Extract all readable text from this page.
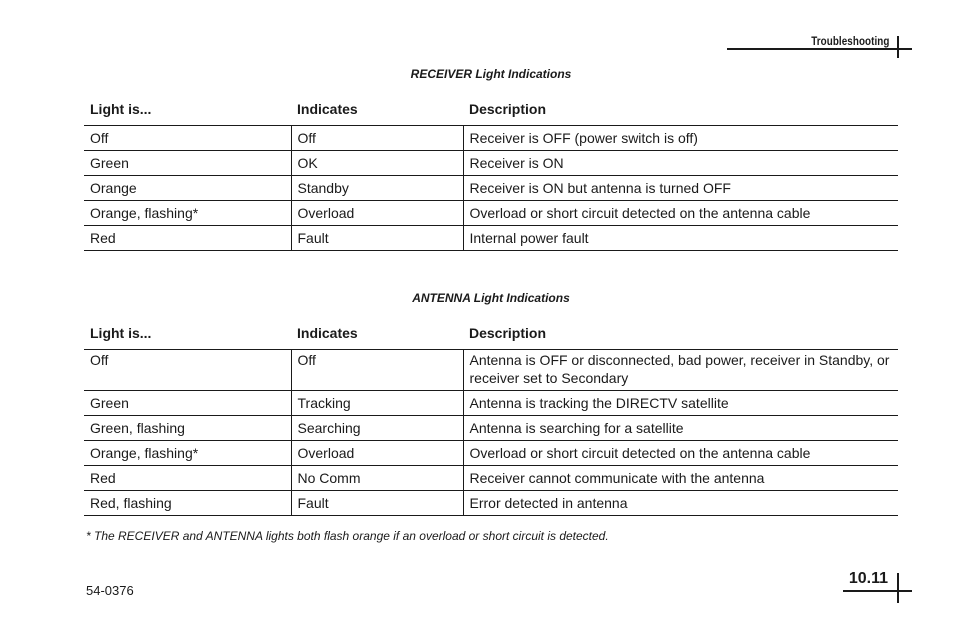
Troubleshooting
RECEIVER Light Indications
Light is...	Indicates	Description
Off	Off	Receiver is OFF (power switch is off)
Green	OK	Receiver is ON
Orange	Standby	Receiver is ON but antenna is turned OFF
Orange, flashing*	Overload	Overload or short circuit detected on the antenna cable
Red	Fault	Internal power fault
ANTENNA Light Indications
Light is...	Indicates	Description
Off	Off	Antenna is OFF or disconnected, bad power, receiver in Standby, or receiver set to Secondary
Green	Tracking	Antenna is tracking the DIRECTV satellite
Green, flashing	Searching	Antenna is searching for a satellite
Orange, flashing*	Overload	Overload or short circuit detected on the antenna cable
Red	No Comm	Receiver cannot communicate with the antenna
Red, flashing	Fault	Error detected in antenna
* The RECEIVER and ANTENNA lights both flash orange if an overload or short circuit is detected.
10.11
54-0376
